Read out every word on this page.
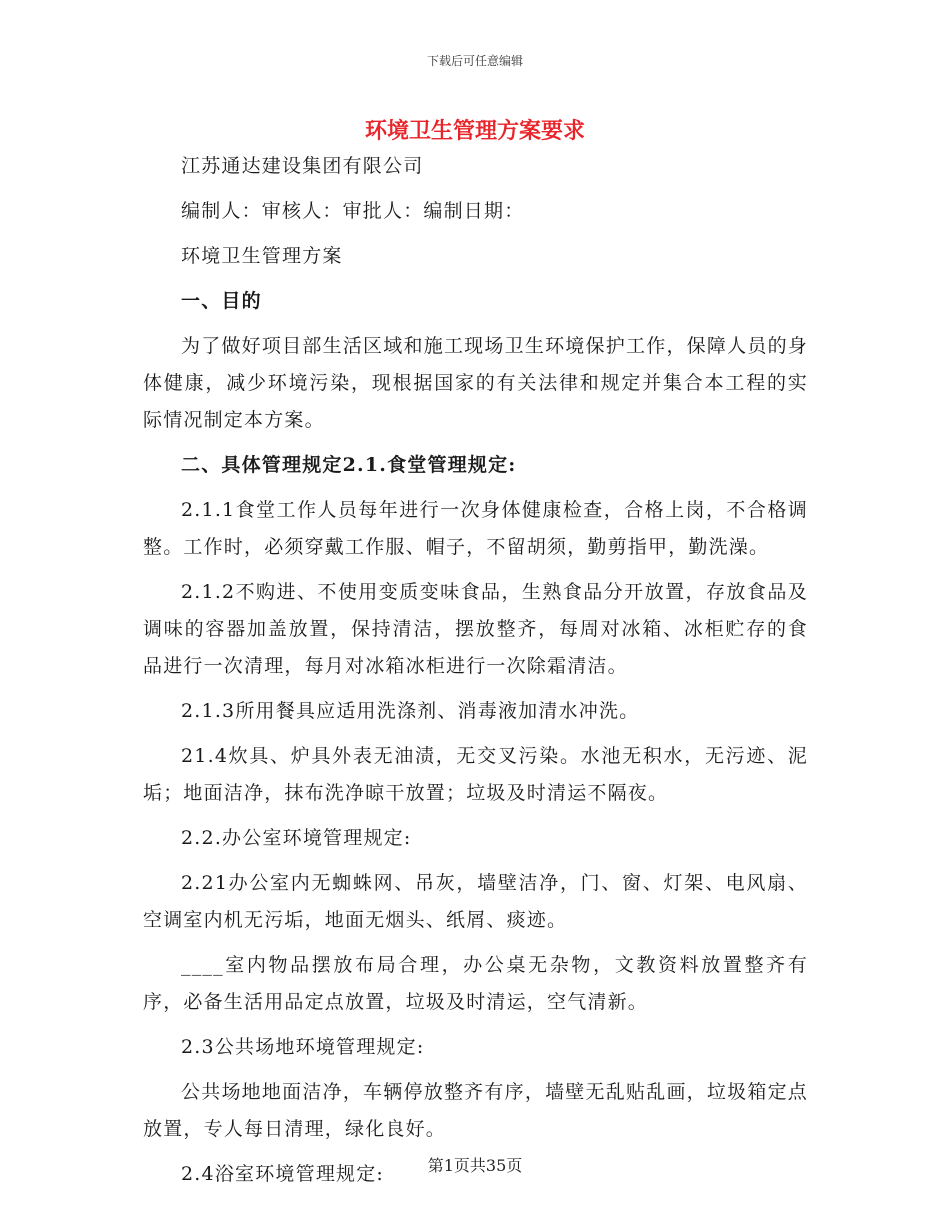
下载后可任意编辑
环境卫生管理方案要求

江苏通达建设集团有限公司

编制人：审核人：审批人：编制日期：

环境卫生管理方案

一、目的

为了做好项目部生活区域和施工现场卫生环境保护工作，保障人员的身体健康，减少环境污染，现根据国家的有关法律和规定并集合本工程的实际情况制定本方案。

二、具体管理规定2.1.食堂管理规定:

2.1.1食堂工作人员每年进行一次身体健康检查，合格上岗，不合格调整。工作时，必须穿戴工作服、帽子，不留胡须，勤剪指甲，勤洗澡。

2.1.2不购进、不使用变质变味食品，生熟食品分开放置，存放食品及调味的容器加盖放置，保持清洁，摆放整齐，每周对冰箱、冰柜贮存的食品进行一次清理，每月对冰箱冰柜进行一次除霜清洁。

2.1.3所用餐具应适用洗涤剂、消毒液加清水冲洗。

21.4炊具、炉具外表无油渍，无交叉污染。水池无积水，无污迹、泥垢；地面洁净，抹布洗净晾干放置；垃圾及时清运不隔夜。

2.2.办公室环境管理规定:

2.21办公室内无蜘蛛网、吊灰，墙壁洁净，门、窗、灯架、电风扇、空调室内机无污垢，地面无烟头、纸屑、痰迹。

____室内物品摆放布局合理，办公桌无杂物，文教资料放置整齐有序，必备生活用品定点放置，垃圾及时清运，空气清新。

2.3公共场地环境管理规定:

公共场地地面洁净，车辆停放整齐有序，墙壁无乱贴乱画，垃圾箱定点放置，专人每日清理，绿化良好。

2.4浴室环境管理规定:	第1页共35页
